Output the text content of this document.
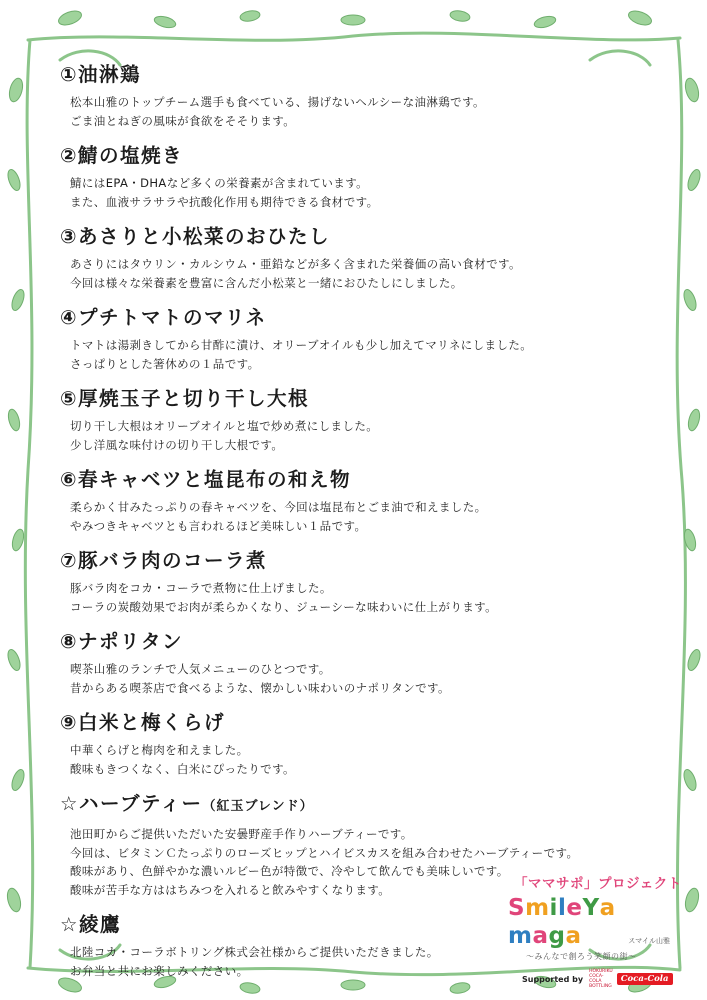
①油淋鶏

松本山雅のトップチーム選手も食べている、揚げないヘルシーな油淋鶏です。

ごま油とねぎの風味が食欲をそそります。

②鯖の塩焼き

鯖にはEPA・DHAなど多くの栄養素が含まれています。

また、血液サラサラや抗酸化作用も期待できる食材です。

③あさりと小松菜のおひたし

あさりにはタウリン・カルシウム・亜鉛などが多く含まれた栄養価の高い食材です。

今回は様々な栄養素を豊富に含んだ小松菜と一緒におひたしにしました。

④プチトマトのマリネ

トマトは湯剥きしてから甘酢に漬け、オリーブオイルも少し加えてマリネにしました。

さっぱりとした箸休めの１品です。

⑤厚焼玉子と切り干し大根

切り干し大根はオリーブオイルと塩で炒め煮にしました。

少し洋風な味付けの切り干し大根です。

⑥春キャベツと塩昆布の和え物

柔らかく甘みたっぷりの春キャベツを、今回は塩昆布とごま油で和えました。

やみつきキャベツとも言われるほど美味しい１品です。

⑦豚バラ肉のコーラ煮

豚バラ肉をコカ・コーラで煮物に仕上げました。

コーラの炭酸効果でお肉が柔らかくなり、ジューシーな味わいに仕上がります。

⑧ナポリタン

喫茶山雅のランチで人気メニューのひとつです。

昔からある喫茶店で食べるような、懐かしい味わいのナポリタンです。

⑨白米と梅くらげ

中華くらげと梅肉を和えました。

酸味もきつくなく、白米にぴったりです。

☆ハーブティー（紅玉ブレンド）

池田町からご提供いただいた安曇野産手作りハーブティーです。

今回は、ビタミンＣたっぷりのローズヒップとハイビスカスを組み合わせたハーブティーです。

酸味があり、色鮮やかな濃いルビー色が特徴で、冷やして飲んでも美味しいです。

酸味が苦手な方ははちみつを入れると飲みやすくなります。

☆綾鷹

北陸コカ・コーラボトリング株式会社様からご提供いただきました。

お弁当と共にお楽しみください。

「ママサポ」プロジェクト
SmileYamaga	スマイル山雅
〜みんなで創ろう笑顔の街〜
Supported by
HOKURIKU COCA-COLA BOTTLING
Coca-Cola
